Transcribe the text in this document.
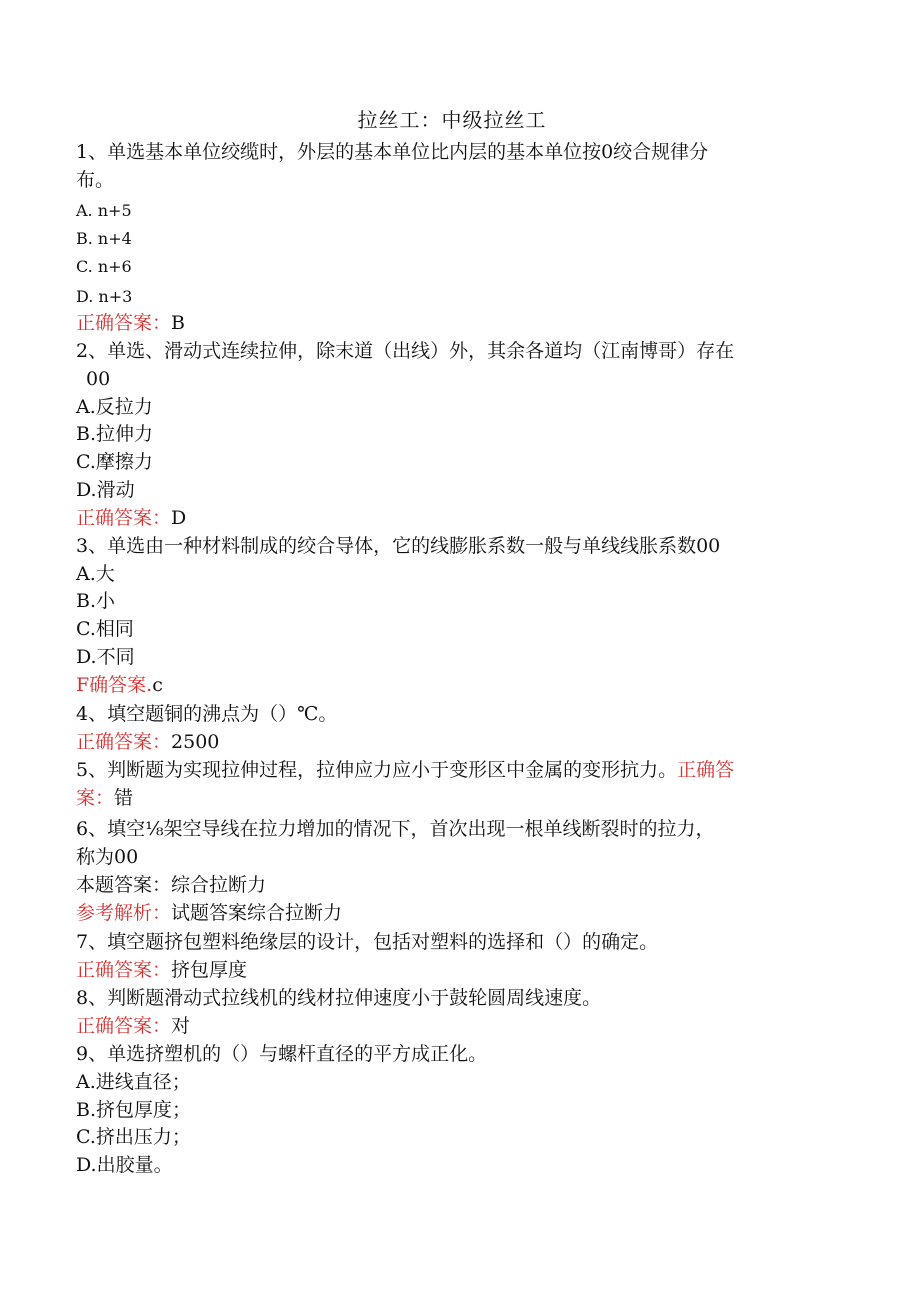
拉丝工：中级拉丝工
1、单选基本单位绞缆时，外层的基本单位比内层的基本单位按0绞合规律分
布。
A. n+5
B. n+4
C. n+6
D. n+3
正确答案：B
2、单选、滑动式连续拉伸，除末道（出线）外，其余各道均（江南博哥）存在
00
A.反拉力
B.拉伸力
C.摩擦力
D.滑动
正确答案：D
3、单选由一种材料制成的绞合导体，它的线膨胀系数一般与单线线胀系数00
A.大
B.小
C.相同
D.不同
F确答案.c
4、填空题铜的沸点为（）℃。
正确答案：2500
5、判断题为实现拉伸过程，拉伸应力应小于变形区中金属的变形抗力。正确答
案：错
6、填空⅛架空导线在拉力增加的情况下，首次出现一根单线断裂时的拉力，
称为00
本题答案：综合拉断力
参考解析：试题答案综合拉断力
7、填空题挤包塑料绝缘层的设计，包括对塑料的选择和（）的确定。
正确答案：挤包厚度
8、判断题滑动式拉线机的线材拉伸速度小于鼓轮圆周线速度。
正确答案：对
9、单选挤塑机的（）与螺杆直径的平方成正化。
A.进线直径；
B.挤包厚度；
C.挤出压力；
D.出胶量。
